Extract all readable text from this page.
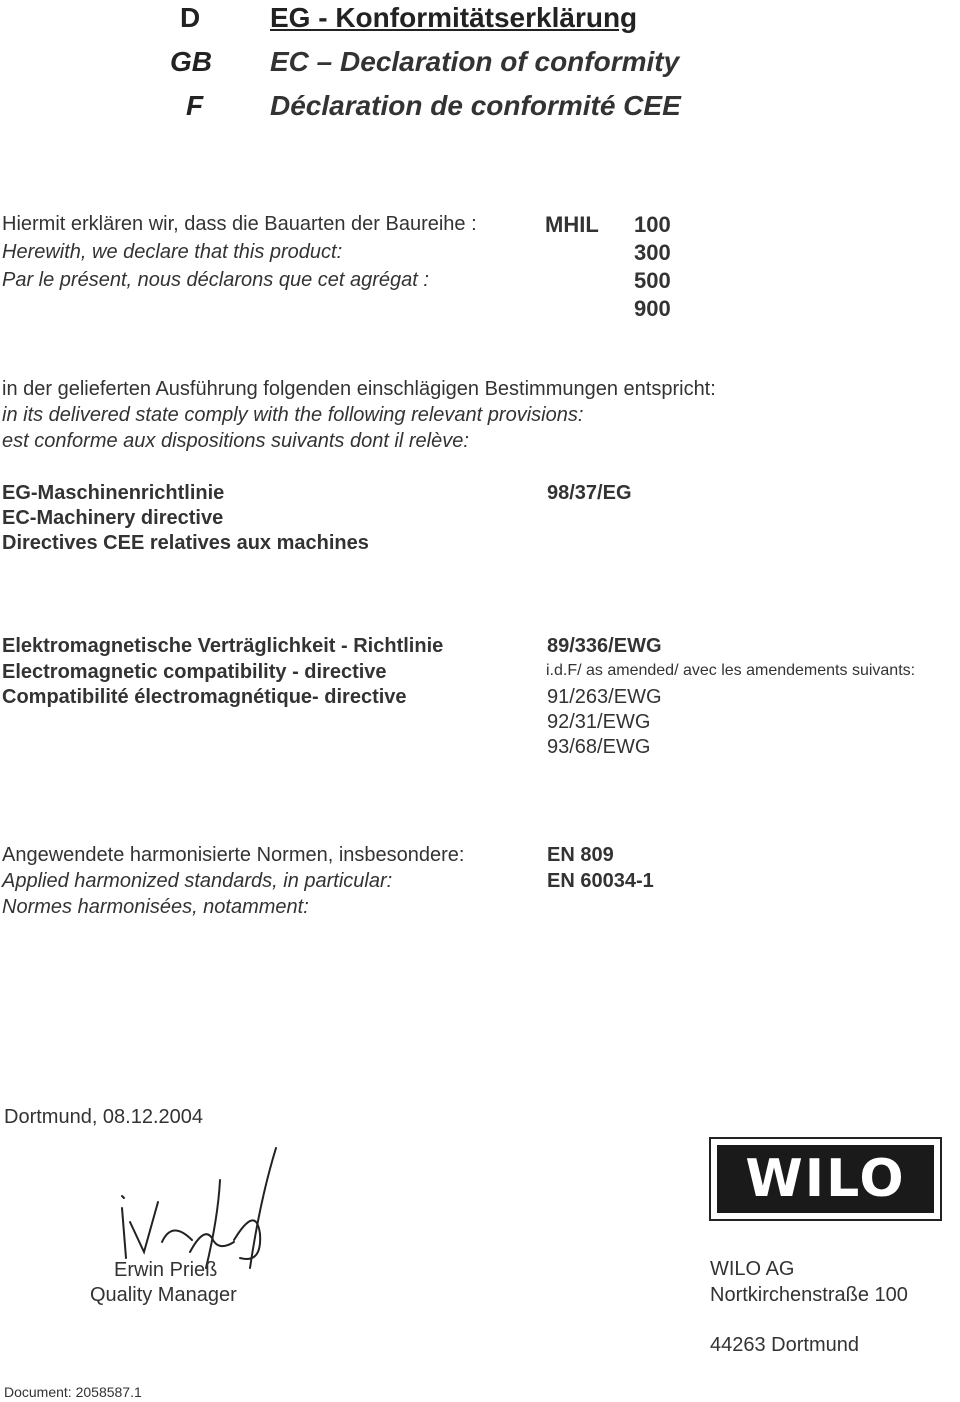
D
GB
F
EG - Konformitätserklärung
EC – Declaration of conformity
Déclaration de conformité CEE
Hiermit erklären wir, dass die Bauarten der Baureihe :
Herewith, we declare that this product:
Par le présent, nous déclarons que cet agrégat :
MHIL 100
300
500
900
in der gelieferten Ausführung folgenden einschlägigen Bestimmungen entspricht:
in its delivered state comply with the following relevant provisions:
est conforme aux dispositions suivants dont il relève:
EG-Maschinenrichtlinie
EC-Machinery directive
Directives CEE relatives aux machines
98/37/EG
Elektromagnetische Verträglichkeit - Richtlinie
Electromagnetic compatibility - directive
Compatibilité électromagnétique- directive
89/336/EWG
i.d.F/ as amended/ avec les amendements suivants:
91/263/EWG
92/31/EWG
93/68/EWG
Angewendete harmonisierte Normen, insbesondere:
Applied harmonized standards, in particular:
Normes harmonisées, notamment:
EN 809
EN 60034-1
Dortmund, 08.12.2004
Erwin Prieß
Quality Manager
WILO
WILO AG
Nortkirchenstraße 100
44263 Dortmund
Document: 2058587.1
